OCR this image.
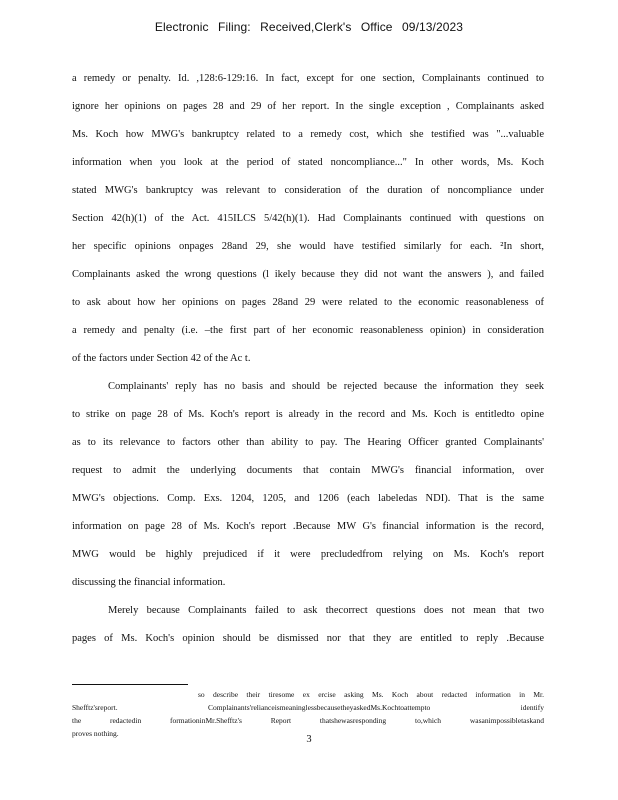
Electronic Filing: Received,Clerk's Office 09/13/2023
a remedy or penalty. Id. ,128:6-129:16. In fact, except for one section, Complainants continued to
ignore her opinions on pages 28 and 29 of her report. In the single exception , Complainants asked
Ms. Koch how MWG's bankruptcy related to a remedy cost, which she testified was "...valuable
information when you look at the period of stated noncompliance..." In other words, Ms. Koch
stated MWG's bankruptcy was relevant to consideration of the duration of noncompliance under
Section 42(h)(1) of the Act. 415ILCS 5/42(h)(1). Had Complainants continued with questions on
her specific opinions onpages 28and 29, she would have testified similarly for each. ²In short,
Complainants asked the wrong questions (l ikely because they did not want the answers ), and failed
to ask about how her opinions on pages 28and 29 were related to the economic reasonableness of
a remedy and penalty (i.e. –the first part of her economic reasonableness opinion) in consideration
of the factors under Section 42 of the Ac t.
Complainants' reply has no basis and should be rejected because the information they seek
to strike on page 28 of Ms. Koch's report is already in the record and Ms. Koch is entitledto opine
as to its relevance to factors other than ability to pay. The Hearing Officer granted Complainants'
request to admit the underlying documents that contain MWG's financial information, over
MWG's objections. Comp. Exs. 1204, 1205, and 1206 (each labeledas NDI). That is the same
information on page 28 of Ms. Koch's report .Because MW G's financial information is the record,
MWG would be highly prejudiced if it were precludedfrom relying on Ms. Koch's report
discussing the financial information.
Merely because Complainants failed to ask thecorrect questions does not mean that two
pages of Ms. Koch's opinion should be dismissed nor that they are entitled to reply .Because
so describe their tiresome ex ercise asking Ms. Koch about redacted information in Mr.
Shefftz'sreport. Complainants'relianceismeaninglessbecausetheyaskedMs.Kochtoattempto identify
the redactedin formationinMr.Shefftz's Report thatshewasresponding to,which wasanimpossibletaskand
proves nothing.
3
